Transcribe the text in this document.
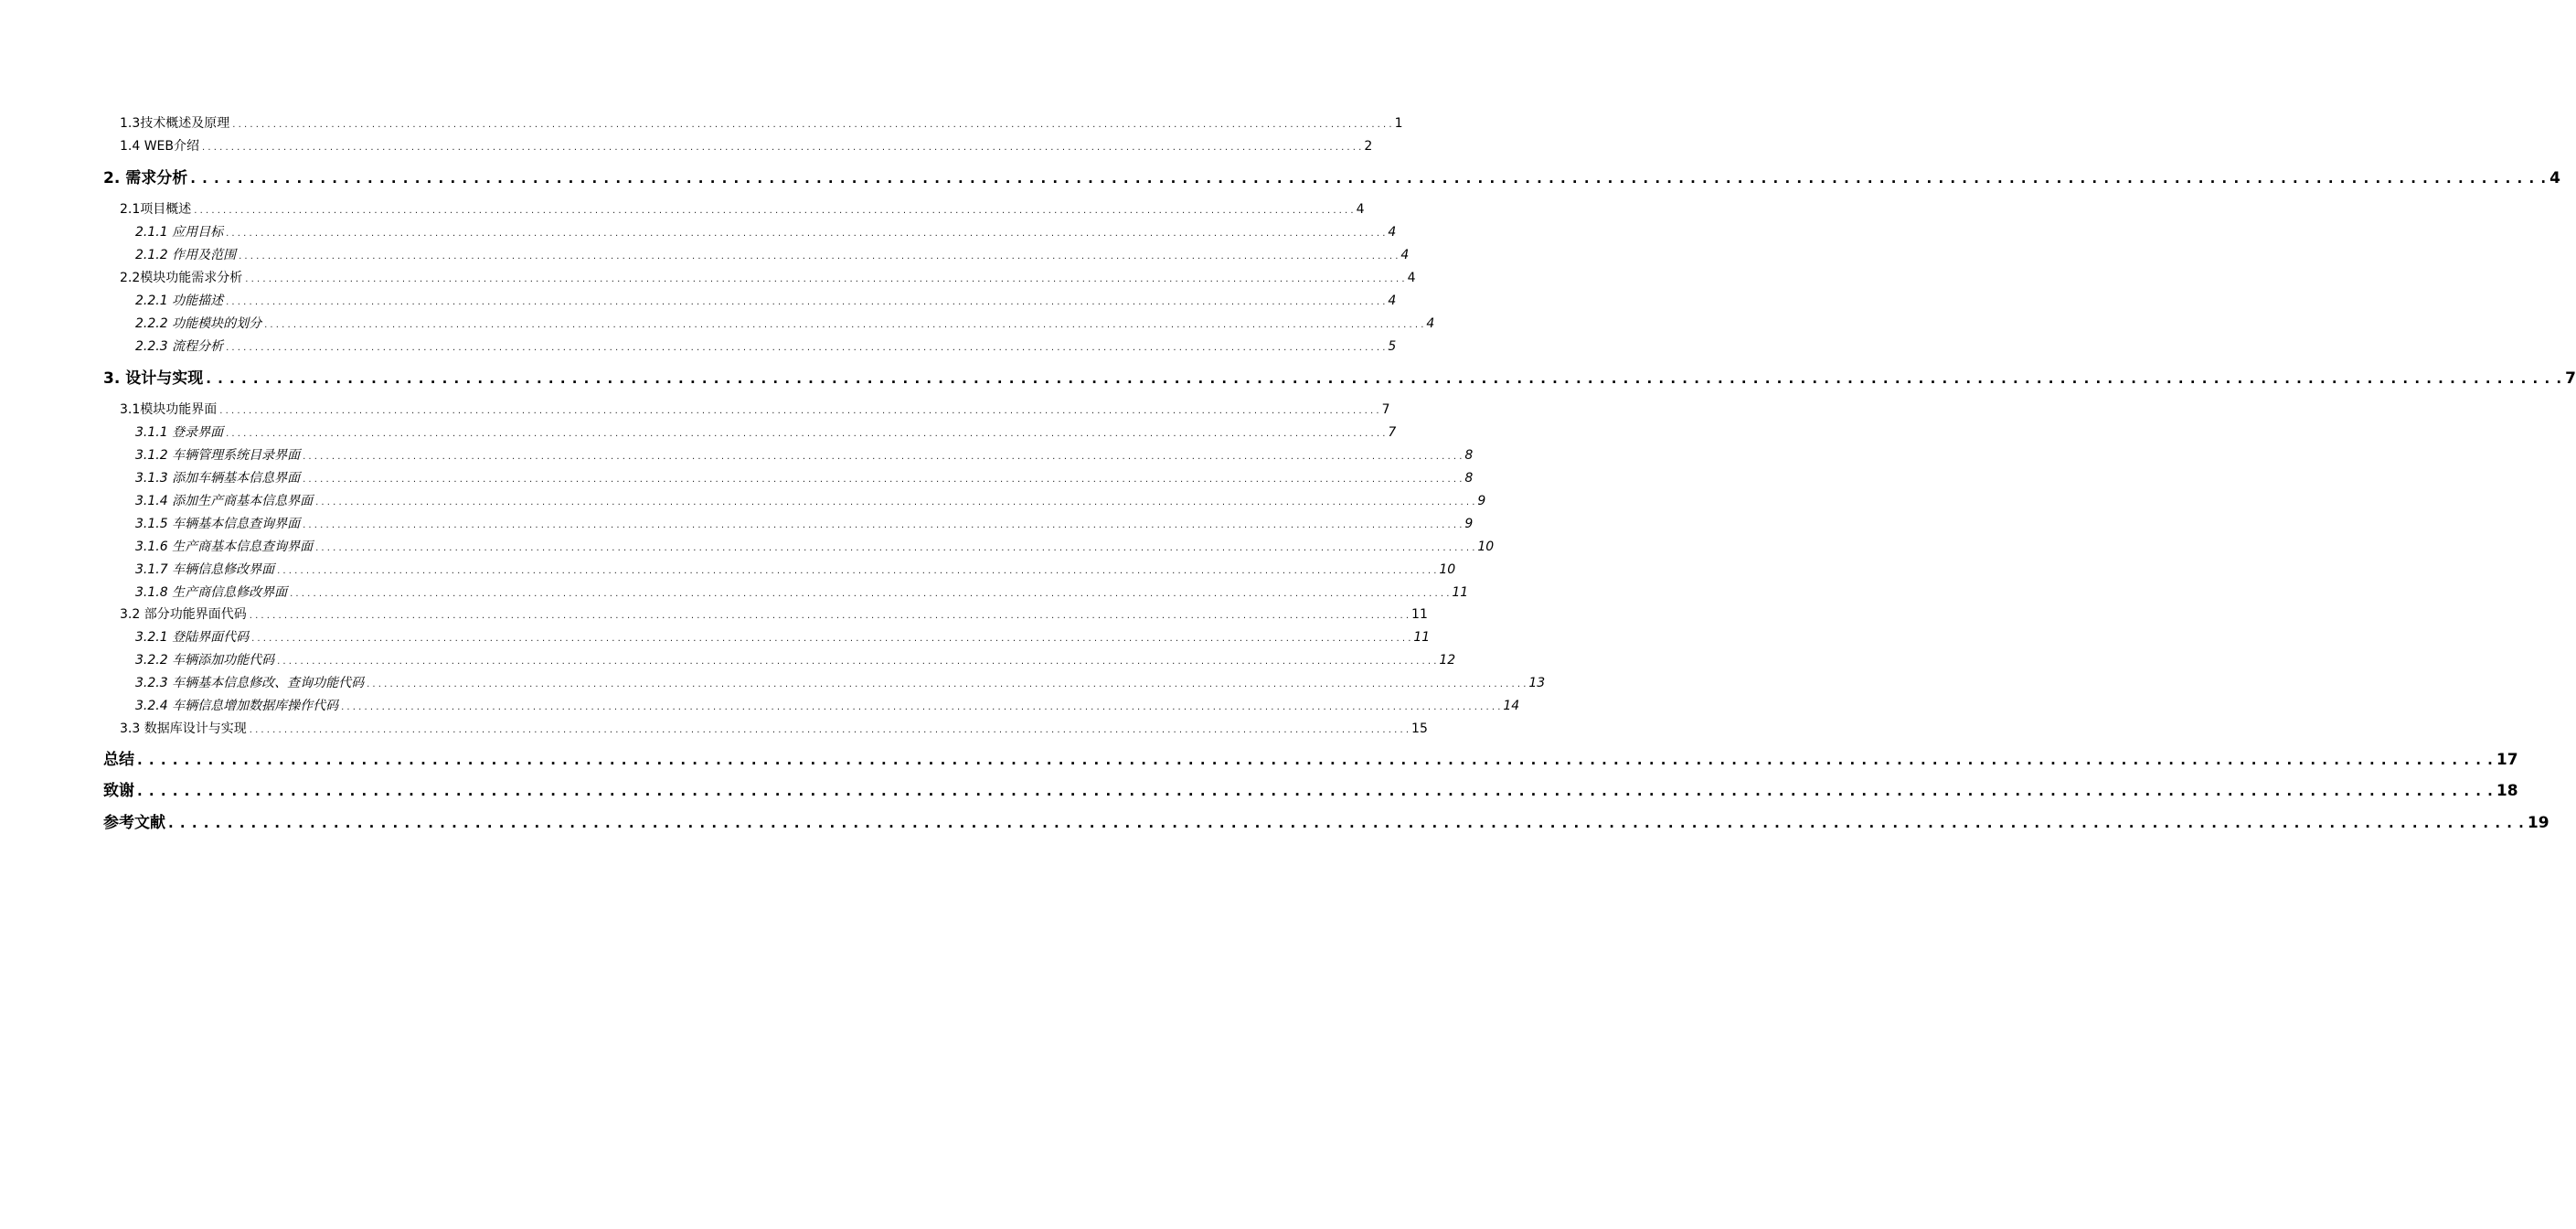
1.3技术概述及原理 . . . . . . . . . . . . . . . . . . . . . . . . . . . . . . . . . . . . . . . . . . . . . . . . . . . . . . . . . . . . . . . . . . . . . . . . . . . . . . . . . . . . . . . . . . . . . . . . . . . . . . . . . . . . . . . . . . . . . . . . . . . . . . . . . . . . . . . . . . . . . . . . . . . . . . . . . . . . . . . . . . . . . . . . . . . . . . . . . . . . . . . . . . . . . . . . . . . . . . . . 1
1.4 WEB介绍 . . . . . . . . . . . . . . . . . . . . . . . . . . . . . . . . . . . . . . . . . . . . . . . . . . . . . . . . . . . . . . . . . . . . . . . . . . . . . . . . . . . . . . . . . . . . . . . . . . . . . . . . . . . . . . . . . . . . . . . . . . . . . . . . . . . . . . . . . . . . . . . . . . . . . . . . . . . . . . . . . . . . . . . . . . . . . . . . . . . . . . . . . . . . . . . . . . . . . . . . 2
2. 需求分析 . . . . . . . . . . . . . . . . . . . . . . . . . . . . . . . . . . . . . . . . . . . . . . . . . . . . . . . . . . . . . . . . . . . . . . . . . . . . . . . . . . . . . . . . . . . . . . . . . . . . . . . . . . . . . . . . . . . . . . . . . . . . . . . . . . . . . . . . . . . . . . . . . . . . . . . . . . . . . . . . . . . . . . . . . . . . . . . . . . . . . . . . . . . . . . . . . . . . . . . . 4
2.1项目概述 . . . . . . . . . . . . . . . . . . . . . . . . . . . . . . . . . . . . . . . . . . . . . . . . . . . . . . . . . . . . . . . . . . . . . . . . . . . . . . . . . . . . . . . . . . . . . . . . . . . . . . . . . . . . . . . . . . . . . . . . . . . . . . . . . . . . . . . . . . . . . . . . . . . . . . . . . . . . . . . . . . . . . . . . . . . . . . . . . . . . . . . . . . . . . . . . . . . . . . . . 4
2.1.1 应用目标 . . . . . . . . . . . . . . . . . . . . . . . . . . . . . . . . . . . . . . . . . . . . . . . . . . . . . . . . . . . . . . . . . . . . . . . . . . . . . . . . . . . . . . . . . . . . . . . . . . . . . . . . . . . . . . . . . . . . . . . . . . . . . . . . . . . . . . . . . . . . . . . . . . . . . . . . . . . . . . . . . . . . . . . . . . . . . . . . . . . . . . . . . . . . . . . . . . . . . . . . 4
2.1.2 作用及范围 . . . . . . . . . . . . . . . . . . . . . . . . . . . . . . . . . . . . . . . . . . . . . . . . . . . . . . . . . . . . . . . . . . . . . . . . . . . . . . . . . . . . . . . . . . . . . . . . . . . . . . . . . . . . . . . . . . . . . . . . . . . . . . . . . . . . . . . . . . . . . . . . . . . . . . . . . . . . . . . . . . . . . . . . . . . . . . . . . . . . . . . . . . . . . . . . . . . . . . . . 4
2.2模块功能需求分析 . . . . . . . . . . . . . . . . . . . . . . . . . . . . . . . . . . . . . . . . . . . . . . . . . . . . . . . . . . . . . . . . . . . . . . . . . . . . . . . . . . . . . . . . . . . . . . . . . . . . . . . . . . . . . . . . . . . . . . . . . . . . . . . . . . . . . . . . . . . . . . . . . . . . . . . . . . . . . . . . . . . . . . . . . . . . . . . . . . . . . . . . . . . . . . . . . . . . . . . . 4
2.2.1 功能描述 . . . . . . . . . . . . . . . . . . . . . . . . . . . . . . . . . . . . . . . . . . . . . . . . . . . . . . . . . . . . . . . . . . . . . . . . . . . . . . . . . . . . . . . . . . . . . . . . . . . . . . . . . . . . . . . . . . . . . . . . . . . . . . . . . . . . . . . . . . . . . . . . . . . . . . . . . . . . . . . . . . . . . . . . . . . . . . . . . . . . . . . . . . . . . . . . . . . . . . . . 4
2.2.2 功能模块的划分 . . . . . . . . . . . . . . . . . . . . . . . . . . . . . . . . . . . . . . . . . . . . . . . . . . . . . . . . . . . . . . . . . . . . . . . . . . . . . . . . . . . . . . . . . . . . . . . . . . . . . . . . . . . . . . . . . . . . . . . . . . . . . . . . . . . . . . . . . . . . . . . . . . . . . . . . . . . . . . . . . . . . . . . . . . . . . . . . . . . . . . . . . . . . . . . . . . . . . . . . 4
2.2.3 流程分析 . . . . . . . . . . . . . . . . . . . . . . . . . . . . . . . . . . . . . . . . . . . . . . . . . . . . . . . . . . . . . . . . . . . . . . . . . . . . . . . . . . . . . . . . . . . . . . . . . . . . . . . . . . . . . . . . . . . . . . . . . . . . . . . . . . . . . . . . . . . . . . . . . . . . . . . . . . . . . . . . . . . . . . . . . . . . . . . . . . . . . . . . . . . . . . . . . . . . . . . . 5
3. 设计与实现 . . . . . . . . . . . . . . . . . . . . . . . . . . . . . . . . . . . . . . . . . . . . . . . . . . . . . . . . . . . . . . . . . . . . . . . . . . . . . . . . . . . . . . . . . . . . . . . . . . . . . . . . . . . . . . . . . . . . . . . . . . . . . . . . . . . . . . . . . . . . . . . . . . . . . . . . . . . . . . . . . . . . . . . . . . . . . . . . . . . . . . . . . . . . . . . . . . . . . . . . 7
3.1模块功能界面 . . . . . . . . . . . . . . . . . . . . . . . . . . . . . . . . . . . . . . . . . . . . . . . . . . . . . . . . . . . . . . . . . . . . . . . . . . . . . . . . . . . . . . . . . . . . . . . . . . . . . . . . . . . . . . . . . . . . . . . . . . . . . . . . . . . . . . . . . . . . . . . . . . . . . . . . . . . . . . . . . . . . . . . . . . . . . . . . . . . . . . . . . . . . . . . . . . . . . . . . 7
3.1.1 登录界面 . . . . . . . . . . . . . . . . . . . . . . . . . . . . . . . . . . . . . . . . . . . . . . . . . . . . . . . . . . . . . . . . . . . . . . . . . . . . . . . . . . . . . . . . . . . . . . . . . . . . . . . . . . . . . . . . . . . . . . . . . . . . . . . . . . . . . . . . . . . . . . . . . . . . . . . . . . . . . . . . . . . . . . . . . . . . . . . . . . . . . . . . . . . . . . . . . . . . . . . . 7
3.1.2 车辆管理系统目录界面 . . . . . . . . . . . . . . . . . . . . . . . . . . . . . . . . . . . . . . . . . . . . . . . . . . . . . . . . . . . . . . . . . . . . . . . . . . . . . . . . . . . . . . . . . . . . . . . . . . . . . . . . . . . . . . . . . . . . . . . . . . . . . . . . . . . . . . . . . . . . . . . . . . . . . . . . . . . . . . . . . . . . . . . . . . . . . . . . . . . . . . . . . . . . . . . . . . . . . . . . 8
3.1.3 添加车辆基本信息界面 . . . . . . . . . . . . . . . . . . . . . . . . . . . . . . . . . . . . . . . . . . . . . . . . . . . . . . . . . . . . . . . . . . . . . . . . . . . . . . . . . . . . . . . . . . . . . . . . . . . . . . . . . . . . . . . . . . . . . . . . . . . . . . . . . . . . . . . . . . . . . . . . . . . . . . . . . . . . . . . . . . . . . . . . . . . . . . . . . . . . . . . . . . . . . . . . . . . . . . . . 8
3.1.4 添加生产商基本信息界面 . . . . . . . . . . . . . . . . . . . . . . . . . . . . . . . . . . . . . . . . . . . . . . . . . . . . . . . . . . . . . . . . . . . . . . . . . . . . . . . . . . . . . . . . . . . . . . . . . . . . . . . . . . . . . . . . . . . . . . . . . . . . . . . . . . . . . . . . . . . . . . . . . . . . . . . . . . . . . . . . . . . . . . . . . . . . . . . . . . . . . . . . . . . . . . . . . . . . . . . . 9
3.1.5 车辆基本信息查询界面 . . . . . . . . . . . . . . . . . . . . . . . . . . . . . . . . . . . . . . . . . . . . . . . . . . . . . . . . . . . . . . . . . . . . . . . . . . . . . . . . . . . . . . . . . . . . . . . . . . . . . . . . . . . . . . . . . . . . . . . . . . . . . . . . . . . . . . . . . . . . . . . . . . . . . . . . . . . . . . . . . . . . . . . . . . . . . . . . . . . . . . . . . . . . . . . . . . . . . . . . 9
3.1.6 生产商基本信息查询界面 . . . . . . . . . . . . . . . . . . . . . . . . . . . . . . . . . . . . . . . . . . . . . . . . . . . . . . . . . . . . . . . . . . . . . . . . . . . . . . . . . . . . . . . . . . . . . . . . . . . . . . . . . . . . . . . . . . . . . . . . . . . . . . . . . . . . . . . . . . . . . . . . . . . . . . . . . . . . . . . . . . . . . . . . . . . . . . . . . . . . . . . . . . . . . . . . . . . . . . . . 10
3.1.7 车辆信息修改界面 . . . . . . . . . . . . . . . . . . . . . . . . . . . . . . . . . . . . . . . . . . . . . . . . . . . . . . . . . . . . . . . . . . . . . . . . . . . . . . . . . . . . . . . . . . . . . . . . . . . . . . . . . . . . . . . . . . . . . . . . . . . . . . . . . . . . . . . . . . . . . . . . . . . . . . . . . . . . . . . . . . . . . . . . . . . . . . . . . . . . . . . . . . . . . . . . . . . . . . . . 10
3.1.8 生产商信息修改界面 . . . . . . . . . . . . . . . . . . . . . . . . . . . . . . . . . . . . . . . . . . . . . . . . . . . . . . . . . . . . . . . . . . . . . . . . . . . . . . . . . . . . . . . . . . . . . . . . . . . . . . . . . . . . . . . . . . . . . . . . . . . . . . . . . . . . . . . . . . . . . . . . . . . . . . . . . . . . . . . . . . . . . . . . . . . . . . . . . . . . . . . . . . . . . . . . . . . . . . . . 11
3.2 部分功能界面代码 . . . . . . . . . . . . . . . . . . . . . . . . . . . . . . . . . . . . . . . . . . . . . . . . . . . . . . . . . . . . . . . . . . . . . . . . . . . . . . . . . . . . . . . . . . . . . . . . . . . . . . . . . . . . . . . . . . . . . . . . . . . . . . . . . . . . . . . . . . . . . . . . . . . . . . . . . . . . . . . . . . . . . . . . . . . . . . . . . . . . . . . . . . . . . . . . . . . . . . . . 11
3.2.1 登陆界面代码 . . . . . . . . . . . . . . . . . . . . . . . . . . . . . . . . . . . . . . . . . . . . . . . . . . . . . . . . . . . . . . . . . . . . . . . . . . . . . . . . . . . . . . . . . . . . . . . . . . . . . . . . . . . . . . . . . . . . . . . . . . . . . . . . . . . . . . . . . . . . . . . . . . . . . . . . . . . . . . . . . . . . . . . . . . . . . . . . . . . . . . . . . . . . . . . . . . . . . . . . 11
3.2.2 车辆添加功能代码 . . . . . . . . . . . . . . . . . . . . . . . . . . . . . . . . . . . . . . . . . . . . . . . . . . . . . . . . . . . . . . . . . . . . . . . . . . . . . . . . . . . . . . . . . . . . . . . . . . . . . . . . . . . . . . . . . . . . . . . . . . . . . . . . . . . . . . . . . . . . . . . . . . . . . . . . . . . . . . . . . . . . . . . . . . . . . . . . . . . . . . . . . . . . . . . . . . . . . . . . 12
3.2.3 车辆基本信息修改、查询功能代码 . . . . . . . . . . . . . . . . . . . . . . . . . . . . . . . . . . . . . . . . . . . . . . . . . . . . . . . . . . . . . . . . . . . . . . . . . . . . . . . . . . . . . . . . . . . . . . . . . . . . . . . . . . . . . . . . . . . . . . . . . . . . . . . . . . . . . . . . . . . . . . . . . . . . . . . . . . . . . . . . . . . . . . . . . . . . . . . . . . . . . . . . . . . . . . . . . . . . . . . . 13
3.2.4 车辆信息增加数据库操作代码 . . . . . . . . . . . . . . . . . . . . . . . . . . . . . . . . . . . . . . . . . . . . . . . . . . . . . . . . . . . . . . . . . . . . . . . . . . . . . . . . . . . . . . . . . . . . . . . . . . . . . . . . . . . . . . . . . . . . . . . . . . . . . . . . . . . . . . . . . . . . . . . . . . . . . . . . . . . . . . . . . . . . . . . . . . . . . . . . . . . . . . . . . . . . . . . . . . . . . . . . 14
3.3 数据库设计与实现 . . . . . . . . . . . . . . . . . . . . . . . . . . . . . . . . . . . . . . . . . . . . . . . . . . . . . . . . . . . . . . . . . . . . . . . . . . . . . . . . . . . . . . . . . . . . . . . . . . . . . . . . . . . . . . . . . . . . . . . . . . . . . . . . . . . . . . . . . . . . . . . . . . . . . . . . . . . . . . . . . . . . . . . . . . . . . . . . . . . . . . . . . . . . . . . . . . . . . . . . 15
总结 . . . . . . . . . . . . . . . . . . . . . . . . . . . . . . . . . . . . . . . . . . . . . . . . . . . . . . . . . . . . . . . . . . . . . . . . . . . . . . . . . . . . . . . . . . . . . . . . . . . . . . . . . . . . . . . . . . . . . . . . . . . . . . . . . . . . . . . . . . . . . . . . . . . . . . . . . . . . . . . . . . . . . . . . . . . . . . . . . . . . . . . . . . . . . . . . . . . . . . . . 17
致谢 . . . . . . . . . . . . . . . . . . . . . . . . . . . . . . . . . . . . . . . . . . . . . . . . . . . . . . . . . . . . . . . . . . . . . . . . . . . . . . . . . . . . . . . . . . . . . . . . . . . . . . . . . . . . . . . . . . . . . . . . . . . . . . . . . . . . . . . . . . . . . . . . . . . . . . . . . . . . . . . . . . . . . . . . . . . . . . . . . . . . . . . . . . . . . . . . . . . . . . . . 18
参考文献 . . . . . . . . . . . . . . . . . . . . . . . . . . . . . . . . . . . . . . . . . . . . . . . . . . . . . . . . . . . . . . . . . . . . . . . . . . . . . . . . . . . . . . . . . . . . . . . . . . . . . . . . . . . . . . . . . . . . . . . . . . . . . . . . . . . . . . . . . . . . . . . . . . . . . . . . . . . . . . . . . . . . . . . . . . . . . . . . . . . . . . . . . . . . . . . . . . . . . . . . 19
